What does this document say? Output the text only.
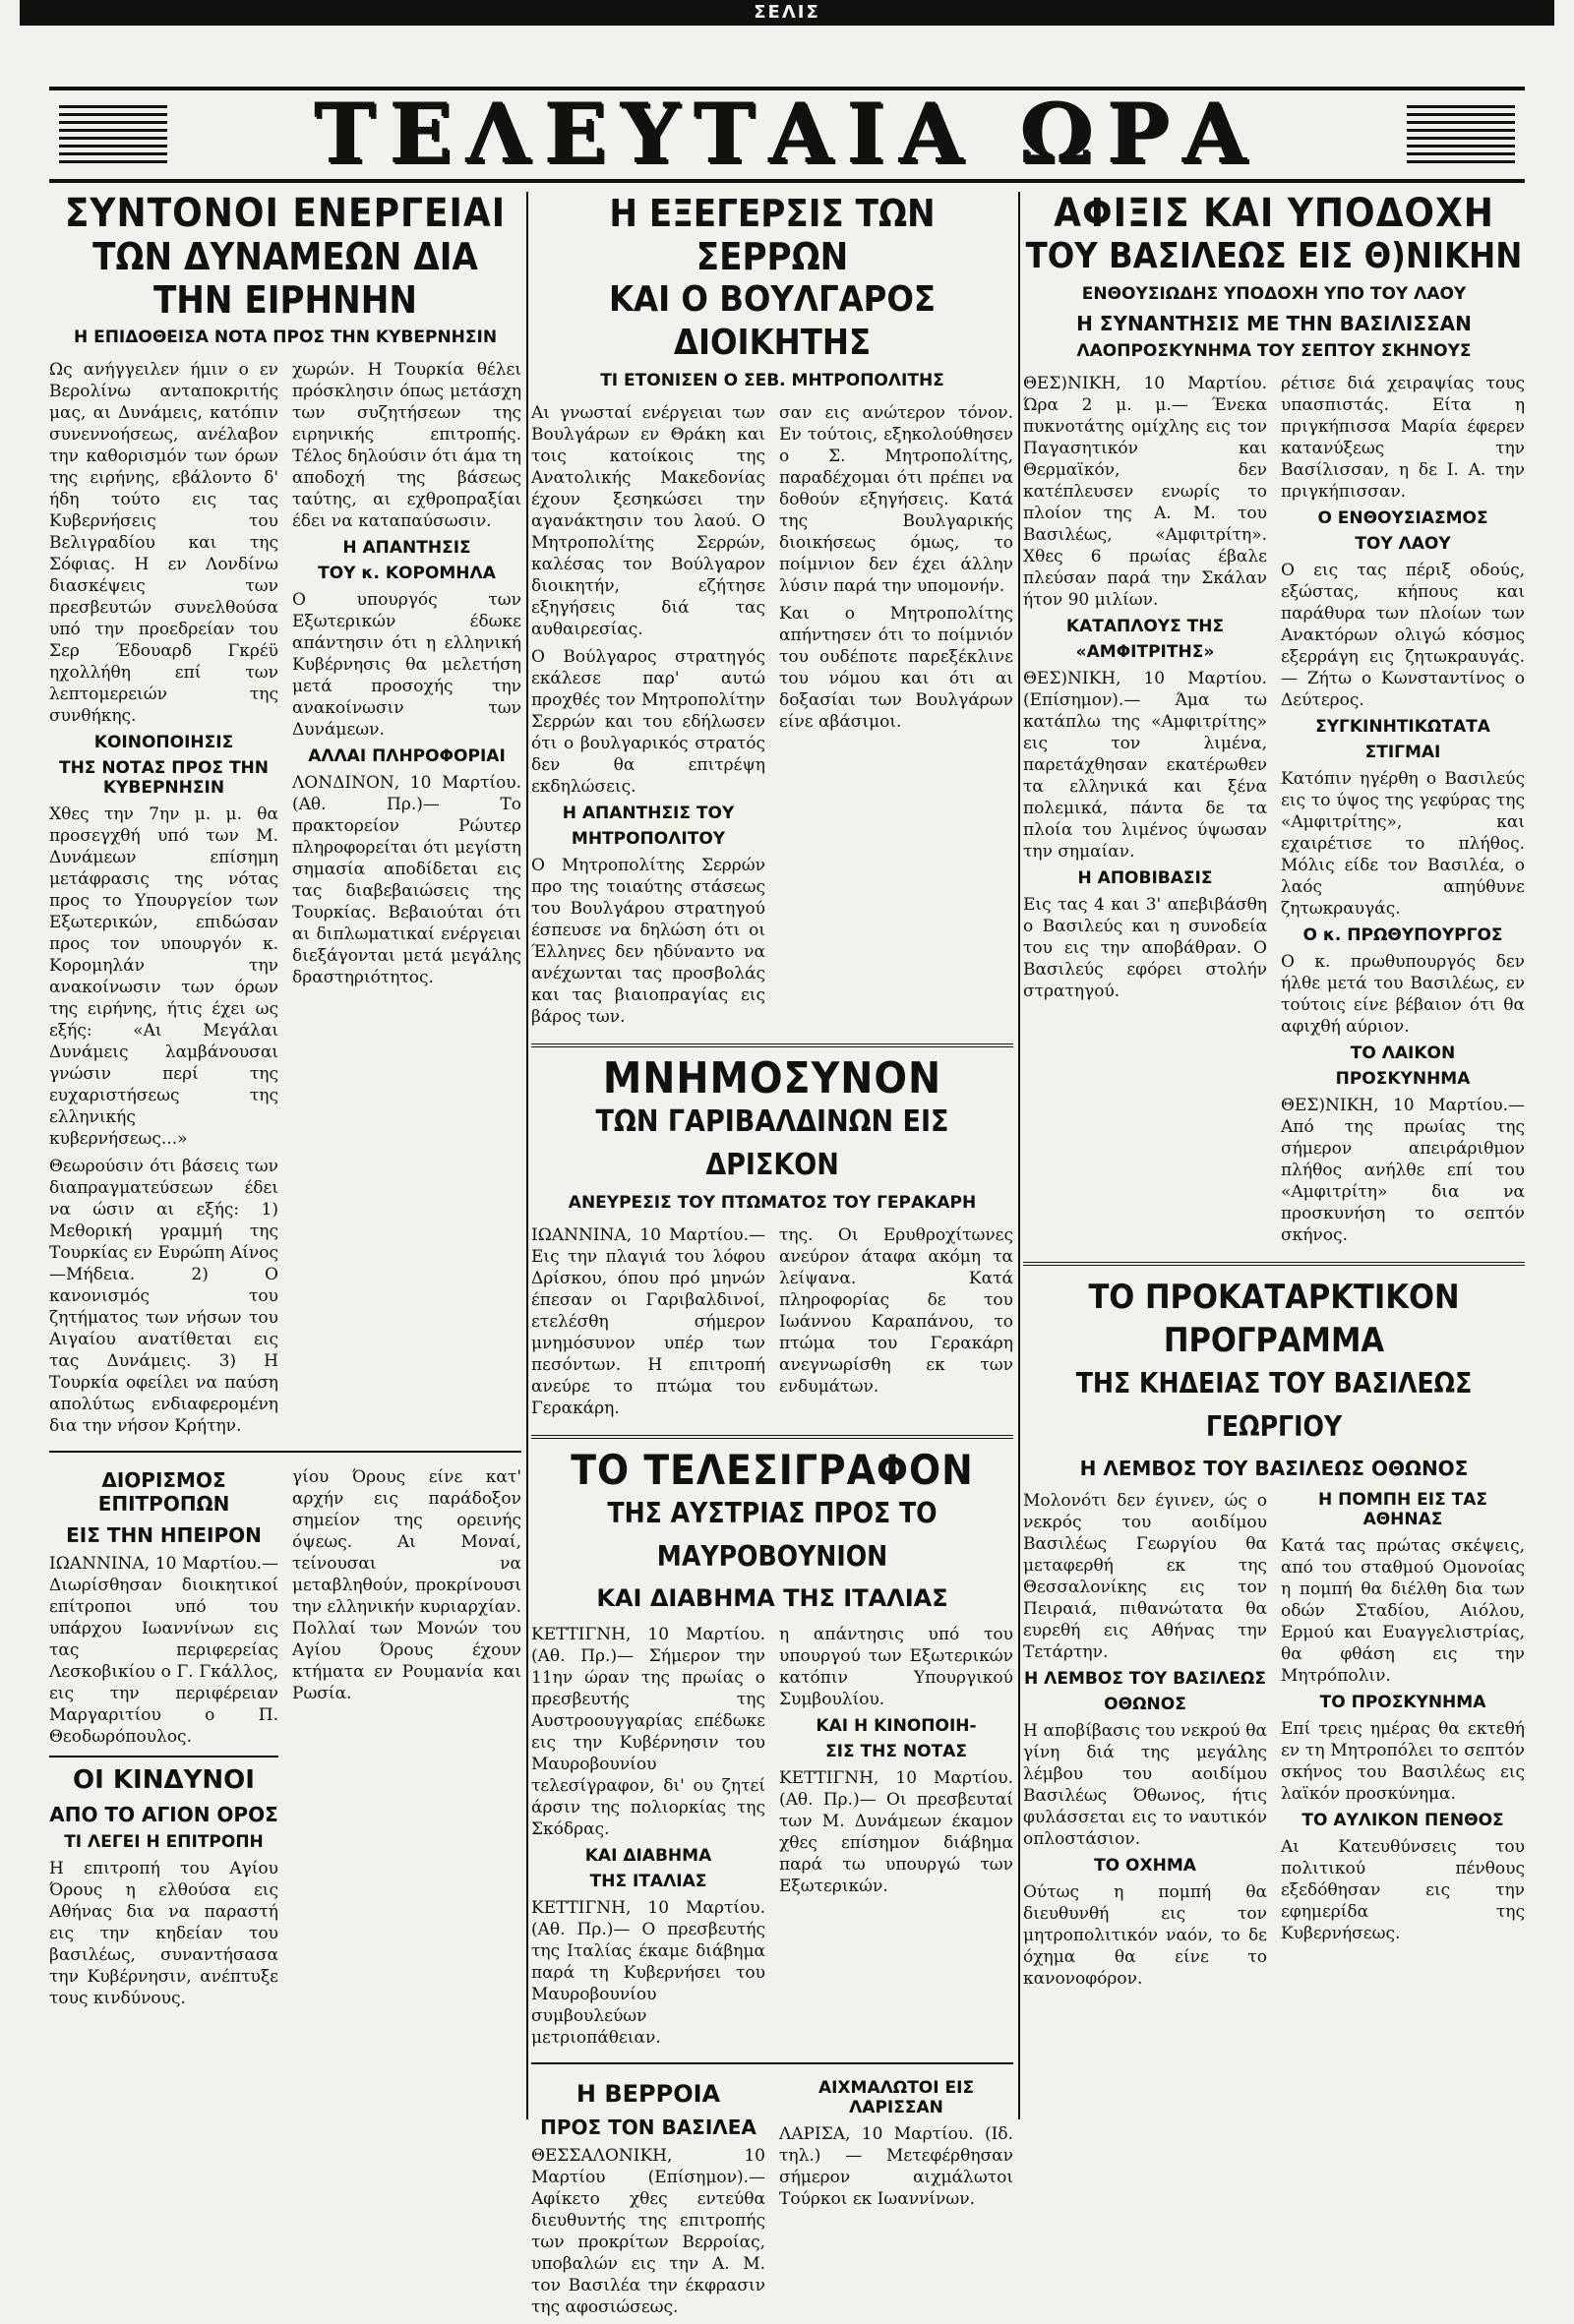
ΣΕΛΙΣ
ΤΕΛΕΥΤΑΙΑ ΩΡΑ
ΣΥΝΤΟΝΟΙ ΕΝΕΡΓΕΙΑΙ
ΤΩΝ ΔΥΝΑΜΕΩΝ ΔΙΑ ΤΗΝ ΕΙΡΗΝΗΝ
Η ΕΠΙΔΟΘΕΙΣΑ ΝΟΤΑ ΠΡΟΣ ΤΗΝ ΚΥΒΕΡΝΗΣΙΝ

Ως ανήγγειλεν ήμιν ο εν Βερολίνω ανταποκριτής μας, αι Δυνάμεις, κατόπιν συνεννοήσεως, ανέλαβον την καθορισμόν των όρων της ειρήνης, εβάλοντο δ' ήδη τούτο εις τας Κυβερνήσεις του Βελιγραδίου και της Σόφιας. Η εν Λονδίνω διασκέψεις των πρεσβευτών συνελθούσα υπό την προεδρείαν του Σερ Έδουαρδ Γκρέϋ ηχολλήθη επί των λεπτομερειών της συνθήκης.

ΚΟΙΝΟΠΟΙΗΣΙΣ
ΤΗΣ ΝΟΤΑΣ ΠΡΟΣ ΤΗΝ ΚΥΒΕΡΝΗΣΙΝ

Χθες την 7ην μ. μ. θα προσεγχθή υπό των Μ. Δυνάμεων επίσημη μετάφρασις της νότας προς το Υπουργείον των Εξωτερικών, επιδώσαν προς τον υπουργόν κ. Κορομηλάν την ανακοίνωσιν των όρων της ειρήνης, ήτις έχει ως εξής: «Αι Μεγάλαι Δυνάμεις λαμβάνουσαι γνώσιν περί της ευχαριστήσεως της ελληνικής κυβερνήσεως...»

Θεωρούσιν ότι βάσεις των διαπραγματεύσεων έδει να ώσιν αι εξής: 1) Μεθορική γραμμή της Τουρκίας εν Ευρώπη Αίνος—Μήδεια. 2) Ο κανονισμός του ζητήματος των νήσων του Αιγαίου ανατίθεται εις τας Δυνάμεις. 3) Η Τουρκία οφείλει να παύση απολύτως ενδιαφερομένη δια την νήσον Κρήτην.

χωρών. Η Τουρκία θέλει πρόσκλησιν όπως μετάσχη των συζητήσεων της ειρηνικής επιτροπής. Τέλος δηλούσιν ότι άμα τη αποδοχή της βάσεως ταύτης, αι εχθροπραξίαι έδει να καταπαύσωσιν.

Η ΑΠΑΝΤΗΣΙΣ
ΤΟΥ κ. ΚΟΡΟΜΗΛΑ

Ο υπουργός των Εξωτερικών έδωκε απάντησιν ότι η ελληνική Κυβέρνησις θα μελετήση μετά προσοχής την ανακοίνωσιν των Δυνάμεων.

ΑΛΛΑΙ ΠΛΗΡΟΦΟΡΙΑΙ

ΛΟΝΔΙΝΟΝ, 10 Μαρτίου. (Αθ. Πρ.)— Το πρακτορείον Ρώυτερ πληροφορείται ότι μεγίστη σημασία αποδίδεται εις τας διαβεβαιώσεις της Τουρκίας. Βεβαιούται ότι αι διπλωματικαί ενέργειαι διεξάγονται μετά μεγάλης δραστηριότητος.

ΔΙΟΡΙΣΜΟΣ ΕΠΙΤΡΟΠΩΝ
ΕΙΣ ΤΗΝ ΗΠΕΙΡΟΝ

ΙΩΑΝΝΙΝΑ, 10 Μαρτίου.— Διωρίσθησαν διοικητικοί επίτροποι υπό του υπάρχου Ιωαννίνων εις τας περιφερείας Λεσκοβικίου ο Γ. Γκάλλος, εις την περιφέρειαν Μαργαριτίου ο Π. Θεοδωρόπουλος.

ΟΙ ΚΙΝΔΥΝΟΙ
ΑΠΟ ΤΟ ΑΓΙΟΝ ΟΡΟΣ
ΤΙ ΛΕΓΕΙ Η ΕΠΙΤΡΟΠΗ

Η επιτροπή του Αγίου Όρους η ελθούσα εις Αθήνας δια να παραστή εις την κηδείαν του βασιλέως, συναντήσασα την Κυβέρνησιν, ανέπτυξε τους κινδύνους.

γίου Όρους είνε κατ' αρχήν εις παράδοξον σημείον της ορεινής όψεως. Αι Μοναί, τείνουσαι να μεταβληθούν, προκρίνουσι την ελληνικήν κυριαρχίαν. Πολλαί των Μονών του Αγίου Όρους έχουν κτήματα εν Ρουμανία και Ρωσία.

Η ΕΞΕΓΕΡΣΙΣ ΤΩΝ ΣΕΡΡΩΝ
ΚΑΙ Ο ΒΟΥΛΓΑΡΟΣ ΔΙΟΙΚΗΤΗΣ
ΤΙ ΕΤΟΝΙΣΕΝ Ο ΣΕΒ. ΜΗΤΡΟΠΟΛΙΤΗΣ

Αι γνωσταί ενέργειαι των Βουλγάρων εν Θράκη και τοις κατοίκοις της Ανατολικής Μακεδονίας έχουν ξεσηκώσει την αγανάκτησιν του λαού. Ο Μητροπολίτης Σερρών, καλέσας τον Βούλγαρον διοικητήν, εζήτησε εξηγήσεις διά τας αυθαιρεσίας.

Ο Βούλγαρος στρατηγός εκάλεσε παρ' αυτώ προχθές τον Μητροπολίτην Σερρών και του εδήλωσεν ότι ο βουλγαρικός στρατός δεν θα επιτρέψη εκδηλώσεις.

Η ΑΠΑΝΤΗΣΙΣ ΤΟΥ
ΜΗΤΡΟΠΟΛΙΤΟΥ

Ο Μητροπολίτης Σερρών προ της τοιαύτης στάσεως του Βουλγάρου στρατηγού έσπευσε να δηλώση ότι οι Έλληνες δεν ηδύναντο να ανέχωνται τας προσβολάς και τας βιαιοπραγίας εις βάρος των.

σαν εις ανώτερον τόνον. Εν τούτοις, εξηκολούθησεν ο Σ. Μητροπολίτης, παραδέχομαι ότι πρέπει να δοθούν εξηγήσεις. Κατά της Βουλγαρικής διοικήσεως όμως, το ποίμνιον δεν έχει άλλην λύσιν παρά την υπομονήν.

Και ο Μητροπολίτης απήντησεν ότι το ποίμνιόν του ουδέποτε παρεξέκλινε του νόμου και ότι αι δοξασίαι των Βουλγάρων είνε αβάσιμοι.

ΜΝΗΜΟΣΥΝΟΝ
ΤΩΝ ΓΑΡΙΒΑΛΔΙΝΩΝ ΕΙΣ ΔΡΙΣΚΟΝ
ΑΝΕΥΡΕΣΙΣ ΤΟΥ ΠΤΩΜΑΤΟΣ ΤΟΥ ΓΕΡΑΚΑΡΗ

ΙΩΑΝΝΙΝΑ, 10 Μαρτίου.— Εις την πλαγιά του λόφου Δρίσκου, όπου πρό μηνών έπεσαν οι Γαριβαλδινοί, ετελέσθη σήμερον μνημόσυνον υπέρ των πεσόντων. Η επιτροπή ανεύρε το πτώμα του Γερακάρη.

της. Οι Ερυθροχίτωνες ανεύρον άταφα ακόμη τα λείψανα. Κατά πληροφορίας δε του Ιωάννου Καραπάνου, το πτώμα του Γερακάρη ανεγνωρίσθη εκ των ενδυμάτων.

ΤΟ ΤΕΛΕΣΙΓΡΑΦΟΝ
ΤΗΣ ΑΥΣΤΡΙΑΣ ΠΡΟΣ ΤΟ ΜΑΥΡΟΒΟΥΝΙΟΝ
ΚΑΙ ΔΙΑΒΗΜΑ ΤΗΣ ΙΤΑΛΙΑΣ

ΚΕΤΤΙΓΝΗ, 10 Μαρτίου. (Αθ. Πρ.)— Σήμερον την 11ην ώραν της πρωίας ο πρεσβευτής της Αυστροουγγαρίας επέδωκε εις την Κυβέρνησιν του Μαυροβουνίου τελεσίγραφον, δι' ου ζητεί άρσιν της πολιορκίας της Σκόδρας.

ΚΑΙ ΔΙΑΒΗΜΑ
ΤΗΣ ΙΤΑΛΙΑΣ

ΚΕΤΤΙΓΝΗ, 10 Μαρτίου. (Αθ. Πρ.)— Ο πρεσβευτής της Ιταλίας έκαμε διάβημα παρά τη Κυβερνήσει του Μαυροβουνίου συμβουλεύων μετριοπάθειαν.

η απάντησις υπό του υπουργού των Εξωτερικών κατόπιν Υπουργικού Συμβουλίου.

ΚΑΙ Η ΚΙΝΟΠΟΙΗ-
ΣΙΣ ΤΗΣ ΝΟΤΑΣ

ΚΕΤΤΙΓΝΗ, 10 Μαρτίου. (Αθ. Πρ.)— Οι πρεσβευταί των Μ. Δυνάμεων έκαμον χθες επίσημον διάβημα παρά τω υπουργώ των Εξωτερικών.

Η ΒΕΡΡΟΙΑ
ΠΡΟΣ ΤΟΝ ΒΑΣΙΛΕΑ

ΘΕΣΣΑΛΟΝΙΚΗ, 10 Μαρτίου (Επίσημον).— Αφίκετο χθες εντεύθα διευθυντής της επιτροπής των προκρίτων Βερροίας, υποβαλών εις την Α. Μ. τον Βασιλέα την έκφρασιν της αφοσιώσεως.

ΑΙΧΜΑΛΩΤΟΙ ΕΙΣ ΛΑΡΙΣΣΑΝ

ΛΑΡΙΣΑ, 10 Μαρτίου. (Ιδ. τηλ.) — Μετεφέρθησαν σήμερον αιχμάλωτοι Τούρκοι εκ Ιωαννίνων.

ΑΦΙΞΙΣ ΚΑΙ ΥΠΟΔΟΧΗ
ΤΟΥ ΒΑΣΙΛΕΩΣ ΕΙΣ Θ)ΝΙΚΗΝ
ΕΝΘΟΥΣΙΩΔΗΣ ΥΠΟΔΟΧΗ ΥΠΟ ΤΟΥ ΛΑΟΥ
Η ΣΥΝΑΝΤΗΣΙΣ ΜΕ ΤΗΝ ΒΑΣΙΛΙΣΣΑΝ
ΛΑΟΠΡΟΣΚΥΝΗΜΑ ΤΟΥ ΣΕΠΤΟΥ ΣΚΗΝΟΥΣ

ΘΕΣ)ΝΙΚΗ, 10 Μαρτίου. Ώρα 2 μ. μ.— Ένεκα πυκνοτάτης ομίχλης εις τον Παγασητικόν και Θερμαϊκόν, δεν κατέπλευσεν ενωρίς το πλοίον της Α. Μ. του Βασιλέως, «Αμφιτρίτη». Χθες 6 πρωίας έβαλε πλεύσαν παρά την Σκάλαν ήτον 90 μιλίων.

ΚΑΤΑΠΛΟΥΣ ΤΗΣ
«ΑΜΦΙΤΡΙΤΗΣ»

ΘΕΣ)ΝΙΚΗ, 10 Μαρτίου. (Επίσημον).— Άμα τω κατάπλω της «Αμφιτρίτης» εις τον λιμένα, παρετάχθησαν εκατέρωθεν τα ελληνικά και ξένα πολεμικά, πάντα δε τα πλοία του λιμένος ύψωσαν την σημαίαν.

Η ΑΠΟΒΙΒΑΣΙΣ

Εις τας 4 και 3' απεβιβάσθη ο Βασιλεύς και η συνοδεία του εις την αποβάθραν. Ο Βασιλεύς εφόρει στολήν στρατηγού.

ρέτισε διά χειραψίας τους υπασπιστάς. Είτα η πριγκήπισσα Μαρία έφερεν κατανύξεως την Βασίλισσαν, η δε Ι. Α. την πριγκήπισσαν.

Ο ΕΝΘΟΥΣΙΑΣΜΟΣ
ΤΟΥ ΛΑΟΥ

Ο εις τας πέριξ οδούς, εξώστας, κήπους και παράθυρα των πλοίων των Ανακτόρων ολιγώ κόσμος εξερράγη εις ζητωκραυγάς. — Ζήτω ο Κωνσταντίνος ο Δεύτερος.

ΣΥΓΚΙΝΗΤΙΚΩΤΑΤΑ
ΣΤΙΓΜΑΙ

Κατόπιν ηγέρθη ο Βασιλεύς εις το ύψος της γεφύρας της «Αμφιτρίτης», και εχαιρέτισε το πλήθος. Μόλις είδε τον Βασιλέα, ο λαός απηύθυνε ζητωκραυγάς.

Ο κ. ΠΡΩΘΥΠΟΥΡΓΟΣ

Ο κ. πρωθυπουργός δεν ήλθε μετά του Βασιλέως, εν τούτοις είνε βέβαιον ότι θα αφιχθή αύριον.

ΤΟ ΛΑΙΚΟΝ
ΠΡΟΣΚΥΝΗΜΑ

ΘΕΣ)ΝΙΚΗ, 10 Μαρτίου.— Από της πρωίας της σήμερον απειράριθμον πλήθος ανήλθε επί του «Αμφιτρίτη» δια να προσκυνήση το σεπτόν σκήνος.

ΤΟ ΠΡΟΚΑΤΑΡΚΤΙΚΟΝ ΠΡΟΓΡΑΜΜΑ
ΤΗΣ ΚΗΔΕΙΑΣ ΤΟΥ ΒΑΣΙΛΕΩΣ ΓΕΩΡΓΙΟΥ
Η ΛΕΜΒΟΣ ΤΟΥ ΒΑΣΙΛΕΩΣ ΟΘΩΝΟΣ

Μολονότι δεν έγινεν, ώς ο νεκρός του αοιδίμου Βασιλέως Γεωργίου θα μεταφερθή εκ της Θεσσαλονίκης εις τον Πειραιά, πιθανώτατα θα ευρεθή εις Αθήνας την Τετάρτην.

Η ΛΕΜΒΟΣ ΤΟΥ ΒΑΣΙΛΕΩΣ
ΟΘΩΝΟΣ

Η αποβίβασις του νεκρού θα γίνη διά της μεγάλης λέμβου του αοιδίμου Βασιλέως Όθωνος, ήτις φυλάσσεται εις το ναυτικόν οπλοστάσιον.

ΤΟ ΟΧΗΜΑ

Ούτως η πομπή θα διευθυνθή εις τον μητροπολιτικόν ναόν, το δε όχημα θα είνε το κανονοφόρον.

Η ΠΟΜΠΗ ΕΙΣ ΤΑΣ ΑΘΗΝΑΣ

Κατά τας πρώτας σκέψεις, από του σταθμού Ομονοίας η πομπή θα διέλθη δια των οδών Σταδίου, Αιόλου, Ερμού και Ευαγγελιστρίας, θα φθάση εις την Μητρόπολιν.

ΤΟ ΠΡΟΣΚΥΝΗΜΑ

Επί τρεις ημέρας θα εκτεθή εν τη Μητροπόλει το σεπτόν σκήνος του Βασιλέως εις λαϊκόν προσκύνημα.

ΤΟ ΑΥΛΙΚΟΝ ΠΕΝΘΟΣ

Αι Κατευθύνσεις του πολιτικού πένθους εξεδόθησαν εις την εφημερίδα της Κυβερνήσεως.
